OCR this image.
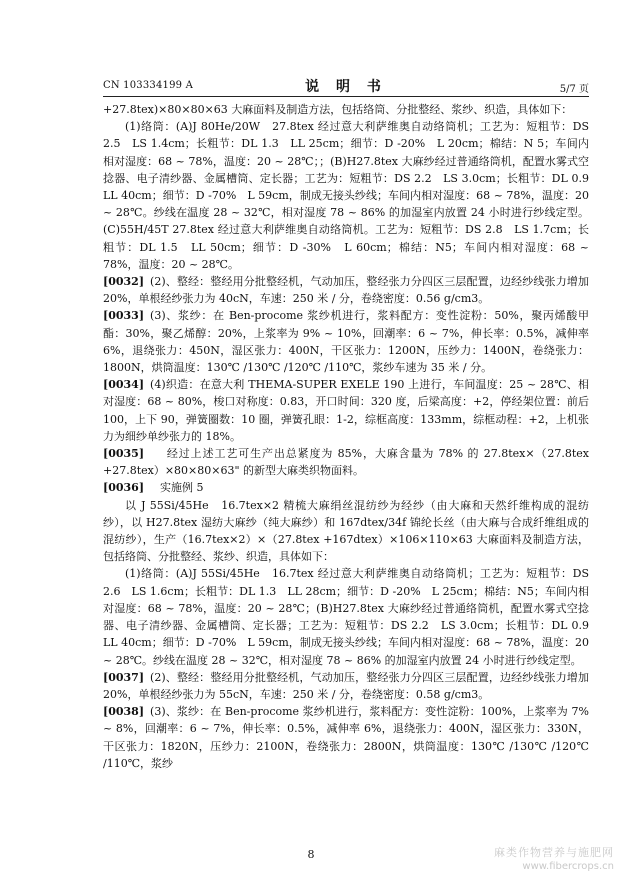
CN 103334199 A	说 明 书	5/7 页

+27.8tex)×80×80×63 大麻面料及制造方法，包括络筒、分批整经、浆纱、织造，具体如下：

(1)络筒：(A)J 80He/20W　27.8tex 经过意大利萨维奥自动络筒机；工艺为：短粗节：DS 2.5　LS 1.4cm；长粗节：DL 1.3　LL 25cm；细节：D -20%　L 20cm；棉结：N 5；车间内相对湿度：68 ~ 78%，温度：20 ~ 28℃；；(B)H27.8tex 大麻纱经过普通络筒机，配置水雾式空捻器、电子清纱器、金属槽筒、定长器；工艺为：短粗节：DS 2.2　LS 3.0cm；长粗节：DL 0.9　LL 40cm；细节：D -70%　L 59cm，制成无接头纱线；车间内相对湿度：68 ~ 78%，温度：20 ~ 28℃。纱线在温度 28 ~ 32℃，相对湿度 78 ~ 86% 的加湿室内放置 24 小时进行纱线定型。(C)55H/45T 27.8tex 经过意大利萨维奥自动络筒机。工艺为：短粗节：DS 2.8　LS 1.7cm；长粗节：DL 1.5　LL 50cm；细节：D -30%　L 60cm；棉结：N5；车间内相对湿度：68 ~ 78%，温度：20 ~ 28℃。

[0032] (2)、整经：整经用分批整经机，气动加压，整经张力分四区三层配置，边经纱线张力增加 20%，单根经纱张力为 40cN，车速：250 米 / 分，卷绕密度：0.56 g/cm3。

[0033] (3)、浆纱：在 Ben-procome 浆纱机进行，浆料配方：变性淀粉：50%，聚丙烯酸甲酯：30%，聚乙烯醇：20%，上浆率为 9% ~ 10%，回潮率：6 ~ 7%，伸长率：0.5%，减伸率 6%，退绕张力：450N，湿区张力：400N，干区张力：1200N，压纱力：1400N，卷绕张力：1800N，烘筒温度：130℃ /130℃ /120℃ /110℃，浆纱车速为 35 米 / 分。

[0034] (4)织造：在意大利 THEMA-SUPER EXELE 190 上进行，车间温度：25 ~ 28℃、相对湿度：68 ~ 80%，梭口对称度：0.83，开口时间：320 度，后梁高度：+2，停经架位置：前后100，上下 90，弹簧圈数：10 圈，弹簧孔眼：1-2，综框高度：133mm，综框动程：+2，上机张力为细纱单纱张力的 18%。

[0035] 经过上述工艺可生产出总紧度为 85%，大麻含量为 78% 的 27.8tex×（27.8tex +27.8tex）×80×80×63" 的新型大麻类织物面料。

[0036] 实施例 5

以 J 55Si/45He　16.7tex×2 精梳大麻绢丝混纺纱为经纱（由大麻和天然纤维构成的混纺纱），以 H27.8tex 湿纺大麻纱（纯大麻纱）和 167dtex/34f 锦纶长丝（由大麻与合成纤维组成的混纺纱），生产（16.7tex×2）×（27.8tex +167dtex）×106×110×63 大麻面料及制造方法，包括络筒、分批整经、浆纱、织造，具体如下：

(1)络筒：(A)J 55Si/45He　16.7tex 经过意大利萨维奥自动络筒机；工艺为：短粗节：DS 2.6　LS 1.6cm；长粗节：DL 1.3　LL 28cm；细节：D -20%　L 25cm；棉结：N5；车间内相对湿度：68 ~ 78%，温度：20 ~ 28℃；(B)H27.8tex 大麻纱经过普通络筒机，配置水雾式空捻器、电子清纱器、金属槽筒、定长器；工艺为：短粗节：DS 2.2　LS 3.0cm；长粗节：DL 0.9　LL 40cm；细节：D -70%　L 59cm，制成无接头纱线；车间内相对湿度：68 ~ 78%，温度：20 ~ 28℃。纱线在温度 28 ~ 32℃，相对湿度 78 ~ 86% 的加湿室内放置 24 小时进行纱线定型。

[0037] (2)、整经：整经用分批整经机，气动加压，整经张力分四区三层配置，边经纱线张力增加 20%，单根经纱张力为 55cN，车速：250 米 / 分，卷绕密度：0.58 g/cm3。

[0038] (3)、浆纱：在 Ben-procome 浆纱机进行，浆料配方：变性淀粉：100%，上浆率为 7% ~ 8%，回潮率：6 ~ 7%，伸长率：0.5%，减伸率 6%，退绕张力：400N，湿区张力：330N，干区张力：1820N，压纱力：2100N，卷绕张力：2800N，烘筒温度：130℃ /130℃ /120℃ /110℃，浆纱

8	麻类作物营养与施肥网
www.fibercrops.cn
